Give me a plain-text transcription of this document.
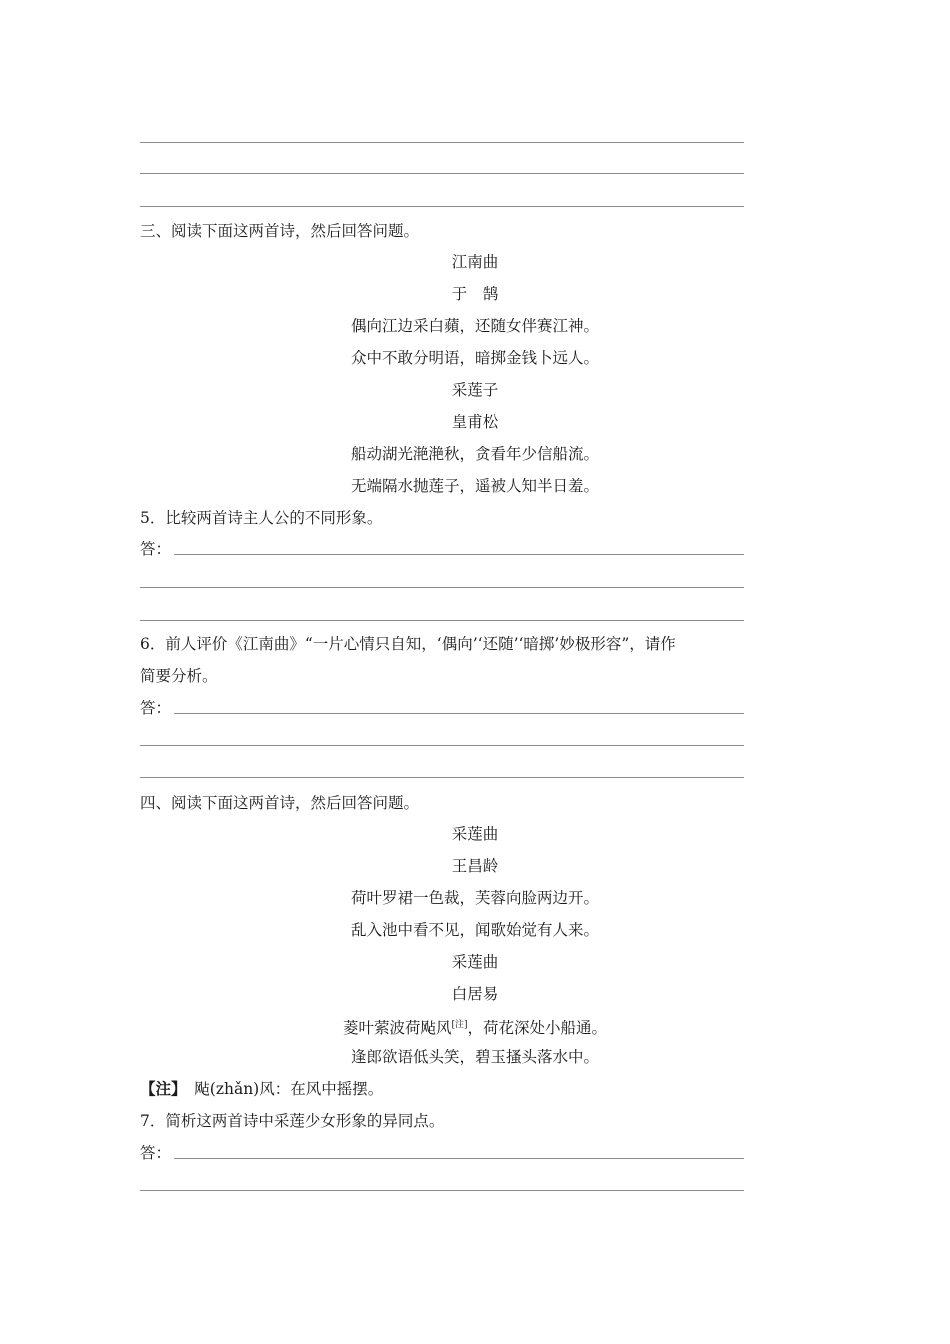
三、阅读下面这两首诗，然后回答问题。
江南曲
于　鹄
偶向江边采白蘋，还随女伴赛江神。
众中不敢分明语，暗掷金钱卜远人。
采莲子
皇甫松
船动湖光滟滟秋，贪看年少信船流。
无端隔水抛莲子，遥被人知半日羞。
5．比较两首诗主人公的不同形象。
答：
6．前人评价《江南曲》“一片心情只自知，‘偶向’‘还随’‘暗掷’妙极形容”，请作
简要分析。
答：
四、阅读下面这两首诗，然后回答问题。
采莲曲
王昌龄
荷叶罗裙一色裁，芙蓉向脸两边开。
乱入池中看不见，闻歌始觉有人来。
采莲曲
白居易
菱叶萦波荷飐风[注]，荷花深处小船通。
逢郎欲语低头笑，碧玉搔头落水中。
【注】　飐(zhǎn)风：在风中摇摆。
7．简析这两首诗中采莲少女形象的异同点。
答：
